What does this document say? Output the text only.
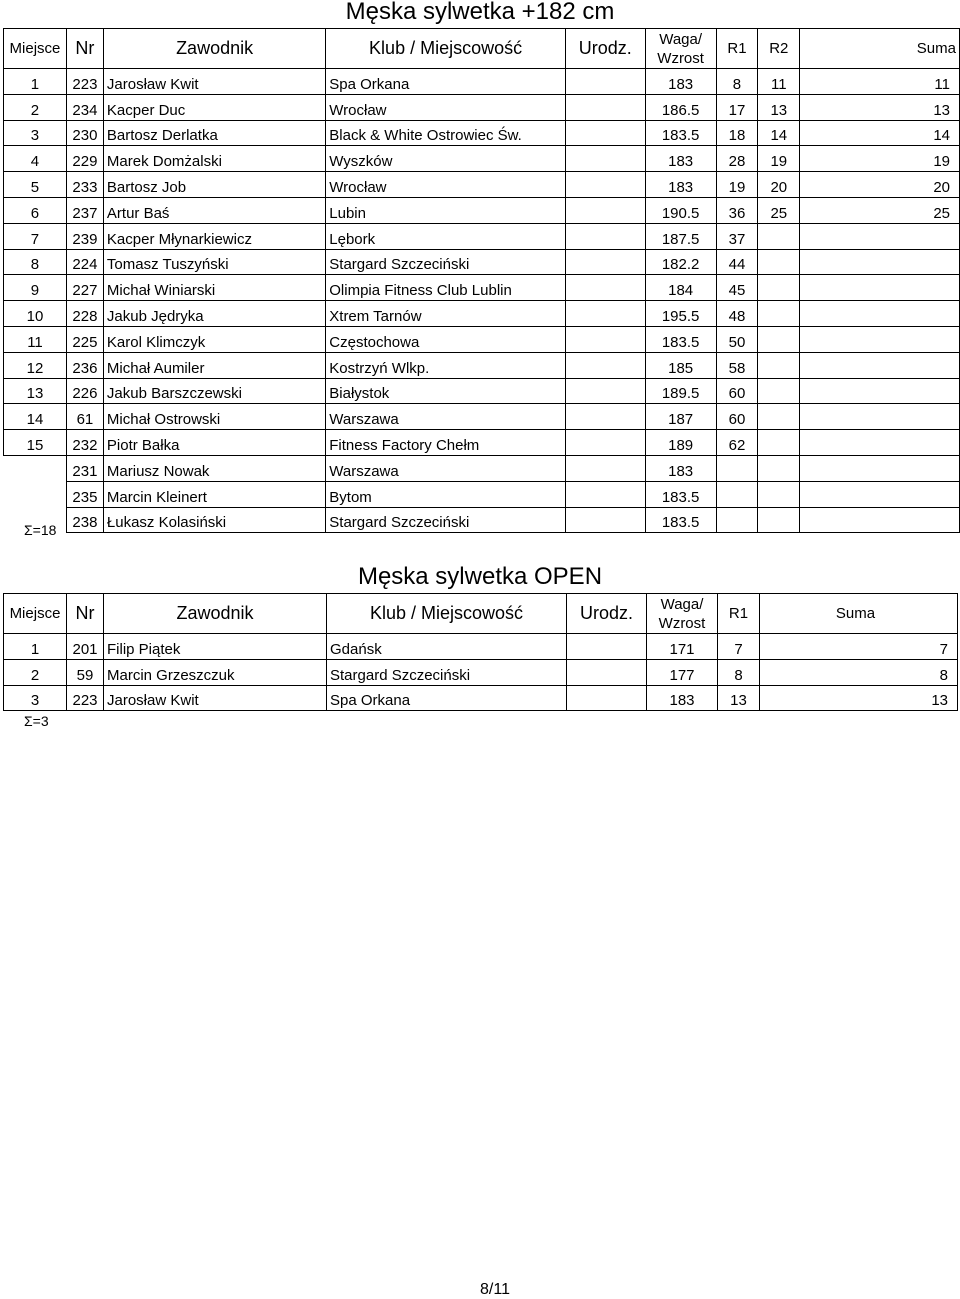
Męska sylwetka +182 cm
Miejsce	Nr	Zawodnik	Klub / Miejscowość	Urodz.	Waga/
Wzrost	R1	R2		Suma
1	223	Jarosław Kwit	Spa Orkana		183	8	11		11
2	234	Kacper Duc	Wrocław		186.5	17	13		13
3	230	Bartosz Derlatka	Black & White Ostrowiec Św.		183.5	18	14		14
4	229	Marek Domżalski	Wyszków		183	28	19		19
5	233	Bartosz Job	Wrocław		183	19	20		20
6	237	Artur Baś	Lubin		190.5	36	25		25
7	239	Kacper Młynarkiewicz	Lębork		187.5	37			
8	224	Tomasz Tuszyński	Stargard Szczeciński		182.2	44			
9	227	Michał Winiarski	Olimpia Fitness Club Lublin		184	45			
10	228	Jakub Jędryka	Xtrem Tarnów		195.5	48			
11	225	Karol Klimczyk	Częstochowa		183.5	50			
12	236	Michał Aumiler	Kostrzyń Wlkp.		185	58			
13	226	Jakub Barszczewski	Białystok		189.5	60			
14	61	Michał Ostrowski	Warszawa		187	60			
15	232	Piotr Bałka	Fitness Factory Chełm		189	62			
	231	Mariusz Nowak	Warszawa		183				
	235	Marcin Kleinert	Bytom		183.5				
	238	Łukasz Kolasiński	Stargard Szczeciński		183.5				
Σ=18
Męska sylwetka OPEN
Miejsce	Nr	Zawodnik	Klub / Miejscowość	Urodz.	Waga/
Wzrost	R1	Suma
1	201	Filip Piątek	Gdańsk		171	7	7
2	59	Marcin Grzeszczuk	Stargard Szczeciński		177	8	8
3	223	Jarosław Kwit	Spa Orkana		183	13	13
Σ=3
8/11
